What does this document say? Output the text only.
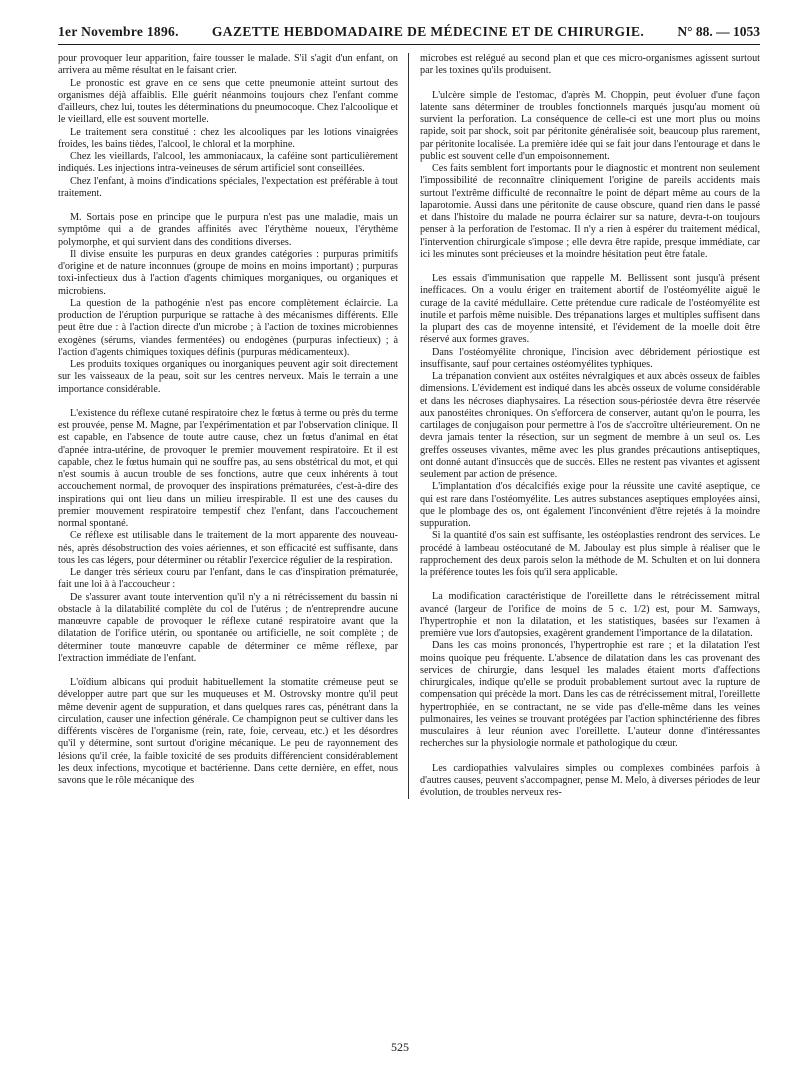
1er Novembre 1896. GAZETTE HEBDOMADAIRE DE MÉDECINE ET DE CHIRURGIE. N° 88. — 1053

pour provoquer leur apparition, faire tousser le malade. S'il s'agit d'un enfant, on arrivera au même résultat en le faisant crier.

Le pronostic est grave en ce sens que cette pneumonie atteint surtout des organismes déjà affaiblis. Elle guérit néanmoins toujours chez l'enfant comme d'ailleurs, chez lui, toutes les déterminations du pneumocoque. Chez l'alcoolique et le vieillard, elle est souvent mortelle.

Le traitement sera constitué : chez les alcooliques par les lotions vinaigrées froides, les bains tièdes, l'alcool, le chloral et la morphine.

Chez les vieillards, l'alcool, les ammoniacaux, la caféine sont particulièrement indiqués. Les injections intra-veineuses de sérum artificiel sont conseillées.

Chez l'enfant, à moins d'indications spéciales, l'expectation est préférable à tout traitement.

M. Sortais pose en principe que le purpura n'est pas une maladie, mais un symptôme qui a de grandes affinités avec l'érythème noueux, l'érythème polymorphe, et qui survient dans des conditions diverses.

Il divise ensuite les purpuras en deux grandes catégories : purpuras primitifs d'origine et de nature inconnues (groupe de moins en moins important) ; purpuras toxi-infectieux dus à l'action d'agents chimiques morganiques, ou organiques et microbiens.

La question de la pathogénie n'est pas encore complètement éclaircie. La production de l'éruption purpurique se rattache à des mécanismes différents. Elle peut être due : à l'action directe d'un microbe ; à l'action de toxines microbiennes exogènes (sérums, viandes fermentées) ou endogènes (purpuras infectieux) ; à l'action d'agents chimiques toxiques définis (purpuras médicamenteux).

Les produits toxiques organiques ou inorganiques peuvent agir soit directement sur les vaisseaux de la peau, soit sur les centres nerveux. Mais le terrain a une importance considérable.

L'existence du réflexe cutané respiratoire chez le fœtus à terme ou près du terme est prouvée, pense M. Magne, par l'expérimentation et par l'observation clinique. Il est capable, en l'absence de toute autre cause, chez un fœtus d'animal en état d'apnée intra-utérine, de provoquer le premier mouvement respiratoire. Et il est capable, chez le fœtus humain qui ne souffre pas, au sens obstétrical du mot, et qui n'est soumis à aucun trouble de ses fonctions, autre que ceux inhérents à tout accouchement normal, de provoquer des inspirations prématurées, c'est-à-dire des inspirations qui ont lieu dans un milieu irrespirable. Il est une des causes du premier mouvement respiratoire tempestif chez l'enfant, dans l'accouchement normal spontané.

Ce réflexe est utilisable dans le traitement de la mort apparente des nouveau-nés, après désobstruction des voies aériennes, et son efficacité est suffisante, dans tous les cas légers, pour déterminer ou rétablir l'exercice régulier de la respiration.

Le danger très sérieux couru par l'enfant, dans le cas d'inspiration prématurée, fait une loi à à l'accoucheur :

De s'assurer avant toute intervention qu'il n'y a ni rétrécissement du bassin ni obstacle à la dilatabilité complète du col de l'utérus ; de n'entreprendre aucune manœuvre capable de provoquer le réflexe cutané respiratoire avant que la dilatation de l'orifice utérin, ou spontanée ou artificielle, ne soit complète ; de déterminer toute manœuvre capable de déterminer ce même réflexe, par l'extraction immédiate de l'enfant.

L'oïdium albicans qui produit habituellement la stomatite crémeuse peut se développer autre part que sur les muqueuses et M. Ostrovsky montre qu'il peut même devenir agent de suppuration, et dans quelques rares cas, pénétrant dans la circulation, causer une infection générale. Ce champignon peut se cultiver dans les différents viscères de l'organisme (rein, rate, foie, cerveau, etc.) et les désordres qu'il y détermine, sont surtout d'origine mécanique. Le peu de rayonnement des lésions qu'il crée, la faible toxicité de ses produits différencient considérablement les deux infections, mycotique et bactérienne. Dans cette dernière, en effet, nous savons que le rôle mécanique des

microbes est relégué au second plan et que ces micro-organismes agissent surtout par les toxines qu'ils produisent.

L'ulcère simple de l'estomac, d'après M. Choppin, peut évoluer d'une façon latente sans déterminer de troubles fonctionnels marqués jusqu'au moment où survient la perforation. La conséquence de celle-ci est une mort plus ou moins rapide, soit par shock, soit par péritonite généralisée soit, beaucoup plus rarement, par péritonite localisée. La première idée qui se fait jour dans l'entourage et dans le public est souvent celle d'un empoisonnement.

Ces faits semblent fort importants pour le diagnostic et montrent non seulement l'impossibilité de reconnaître cliniquement l'origine de pareils accidents mais surtout l'extrême difficulté de reconnaître le point de départ même au cours de la laparotomie. Aussi dans une péritonite de cause obscure, quand rien dans le passé et dans l'histoire du malade ne pourra éclairer sur sa nature, devra-t-on toujours penser à la perforation de l'estomac. Il n'y a rien à espérer du traitement médical, l'intervention chirurgicale s'impose ; elle devra être rapide, presque immédiate, car ici les minutes sont précieuses et la moindre hésitation peut être fatale.

Les essais d'immunisation que rappelle M. Bellissent sont jusqu'à présent inefficaces. On a voulu ériger en traitement abortif de l'ostéomyélite aiguë le curage de la cavité médullaire. Cette prétendue cure radicale de l'ostéomyélite est inutile et parfois même nuisible. Des trépanations larges et multiples suffisent dans la plupart des cas de moyenne intensité, et l'évidement de la moelle doit être réservé aux formes graves.

Dans l'ostéomyélite chronique, l'incision avec débridement périostique est insuffisante, sauf pour certaines ostéomyélites typhiques.

La trépanation convient aux ostéites névralgiques et aux abcès osseux de faibles dimensions. L'évidement est indiqué dans les abcès osseux de volume considérable et dans les nécroses diaphysaires. La résection sous-périostée devra être réservée aux panostéites chroniques. On s'efforcera de conserver, autant qu'on le pourra, les cartilages de conjugaison pour permettre à l'os de s'accroître ultérieurement. On ne devra jamais tenter la résection, sur un segment de membre à un seul os. Les greffes osseuses vivantes, même avec les plus grandes précautions antiseptiques, ont donné autant d'insuccès que de succès. Elles ne restent pas vivantes et agissent seulement par action de présence.

L'implantation d'os décalcifiés exige pour la réussite une cavité aseptique, ce qui est rare dans l'ostéomyélite. Les autres substances aseptiques employées ainsi, que le plombage des os, ont également l'inconvénient d'être rejetés à la moindre suppuration.

Si la quantité d'os sain est suffisante, les ostéoplasties rendront des services. Le procédé à lambeau ostéocutané de M. Jaboulay est plus simple à réaliser que le rapprochement des deux parois selon la méthode de M. Schulten et on lui donnera la préférence toutes les fois qu'il sera applicable.

La modification caractéristique de l'oreillette dans le rétrécissement mitral avancé (largeur de l'orifice de moins de 5 c. 1/2) est, pour M. Samways, l'hypertrophie et non la dilatation, et les statistiques, basées sur l'examen à première vue lors d'autopsies, exagèrent grandement l'importance de la dilatation.

Dans les cas moins prononcés, l'hypertrophie est rare ; et la dilatation l'est moins quoique peu fréquente. L'absence de dilatation dans les cas provenant des services de chirurgie, dans lesquel les malades étaient morts d'affections chirurgicales, indique qu'elle se produit probablement surtout avec la rupture de compensation qui précède la mort. Dans les cas de rétrécissement mitral, l'oreillette hypertrophiée, en se contractant, ne se vide pas d'elle-même dans les veines pulmonaires, les veines se trouvant protégées par l'action sphinctérienne des fibres musculaires à leur réunion avec l'oreillette. L'auteur donne d'intéressantes recherches sur la physiologie normale et pathologique du cœur.

Les cardiopathies valvulaires simples ou complexes combinées parfois à d'autres causes, peuvent s'accompagner, pense M. Melo, à diverses périodes de leur évolution, de troubles nerveux res-

525
